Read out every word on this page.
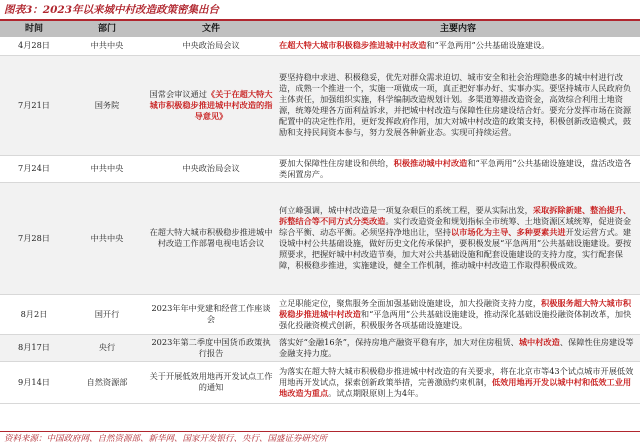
图表3：2023年以来城中村改造政策密集出台
时间	部门	文件	主要内容
4月28日	中共中央	中央政治局会议	在超大特大城市积极稳步推进城中村改造和“平急两用”公共基础设施建设。
7月21日	国务院	国常会审议通过《关于在超大特大城市积极稳步推进城中村改造的指导意见》	要坚持稳中求进、积极稳妥，优先对群众需求迫切、城市安全和社会治理隐患多的城中村进行改造，成熟一个推进一个，实施一项做成一项，真正把好事办好、实事办实。要坚持城市人民政府负主体责任，加强组织实施，科学编制改造规划计划。多渠道筹措改造资金，高效综合利用土地资源，统筹处理各方面利益诉求，并把城中村改造与保障性住房建设结合好。要充分发挥市场在资源配置中的决定性作用，更好发挥政府作用，加大对城中村改造的政策支持，积极创新改造模式，鼓励和支持民间资本参与，努力发展各种新业态。实现可持续运营。
7月24日	中共中央	中央政治局会议	要加大保障性住房建设和供给，积极推动城中村改造和“平急两用”公共基础设施建设，盘活改造各类闲置房产。
7月28日	中共中央	在超大特大城市积极稳步推进城中村改造工作部署电视电话会议	何立峰强调，城中村改造是一项复杂艰巨的系统工程，要从实际出发，采取拆除新建、整治提升、拆整结合等不同方式分类改造。实行改造资金和规划指标全市统筹、土地资源区域统筹，促进资金综合平衡、动态平衡。必须坚持净地出让，坚持以市场化为主导、多种要素共进开发运营方式。建设城中村公共基础设施，做好历史文化传承保护，要积极发展“平急两用”公共基础设施建设。要按照要求，把握好城中村改造节奏，加大对公共基础设施和配套设施建设的支持力度，实行配套保障，积极稳步推进，实施建设，健全工作机制，推动城中村改造工作取得积极成效。
8月2日	国开行	2023年年中党建和经营工作座谈会	立足职能定位，聚焦服务全面加强基础设施建设，加大投融资支持力度，积极服务超大特大城市积极稳步推进城中村改造和“平急两用”公共基础设施建设，推动深化基础设施投融资体制改革，加快强化投融资模式创新，积极服务各项基础设施建设。
8月17日	央行	2023年第二季度中国货币政策执行报告	落实好“金融16条”，保持房地产融资平稳有序，加大对住房租赁、城中村改造、保障性住房建设等金融支持力度。
9月14日	自然资源部	关于开展低效用地再开发试点工作的通知	为落实在超大特大城市积极稳步推进城中村改造的有关要求，将在北京市等43个试点城市开展低效用地再开发试点，探索创新政策举措，完善激励约束机制，低效用地再开发以城中村和低效工业用地改造为重点。试点期限原则上为4年。
资料来源：中国政府网、自然资源部、新华网、国家开发银行、央行、国盛证券研究所
